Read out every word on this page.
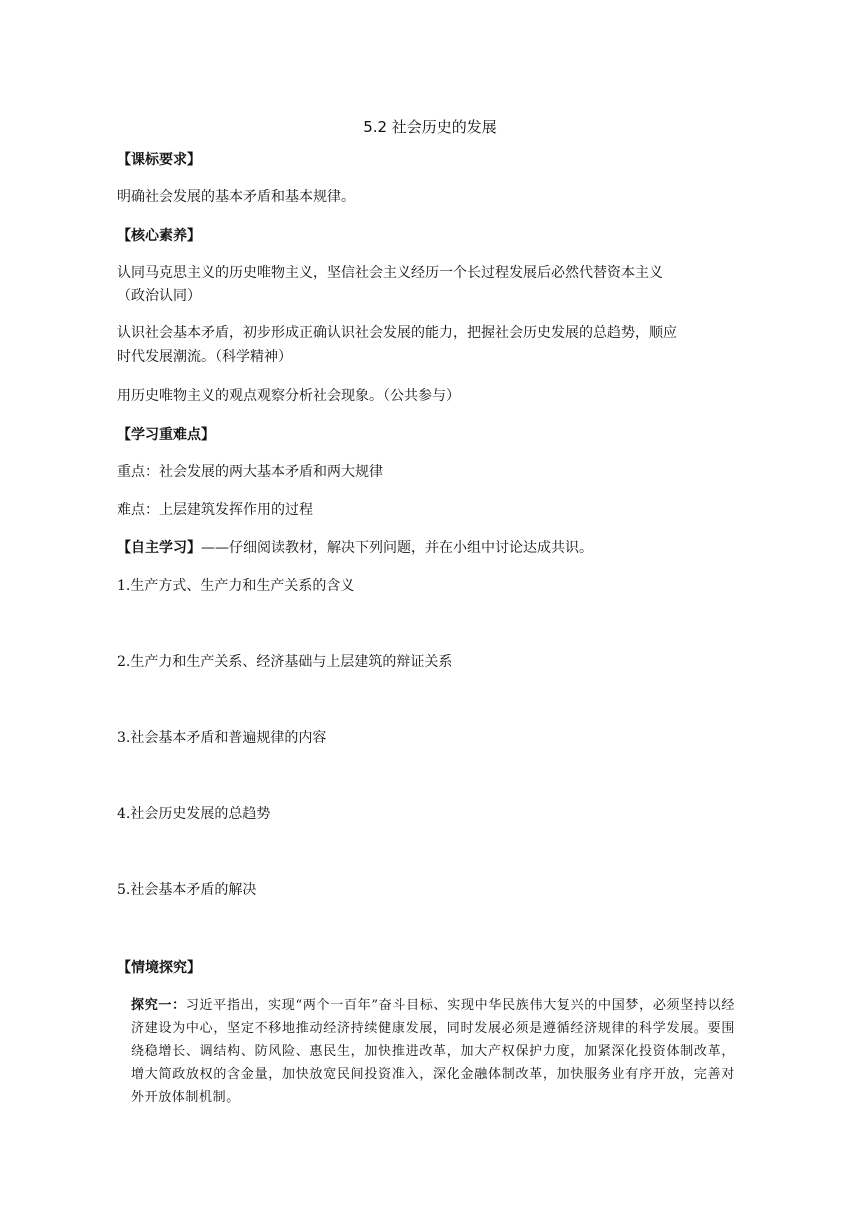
5.2 社会历史的发展
【课标要求】
明确社会发展的基本矛盾和基本规律。
【核心素养】
认同马克思主义的历史唯物主义，坚信社会主义经历一个长过程发展后必然代替资本主义
（政治认同）
认识社会基本矛盾，初步形成正确认识社会发展的能力，把握社会历史发展的总趋势，顺应
时代发展潮流。（科学精神）
用历史唯物主义的观点观察分析社会现象。（公共参与）
【学习重难点】
重点：社会发展的两大基本矛盾和两大规律
难点：上层建筑发挥作用的过程
【自主学习】——仔细阅读教材，解决下列问题，并在小组中讨论达成共识。
1.生产方式、生产力和生产关系的含义
2.生产力和生产关系、经济基础与上层建筑的辩证关系
3.社会基本矛盾和普遍规律的内容
4.社会历史发展的总趋势
5.社会基本矛盾的解决
【情境探究】
探究一：习近平指出，实现“两个一百年”奋斗目标、实现中华民族伟大复兴的中国梦，必须坚持以经济建设为中心，坚定不移地推动经济持续健康发展，同时发展必须是遵循经济规律的科学发展。要围绕稳增长、调结构、防风险、惠民生，加快推进改革，加大产权保护力度，加紧深化投资体制改革，增大简政放权的含金量，加快放宽民间投资准入，深化金融体制改革，加快服务业有序开放，完善对外开放体制机制。
